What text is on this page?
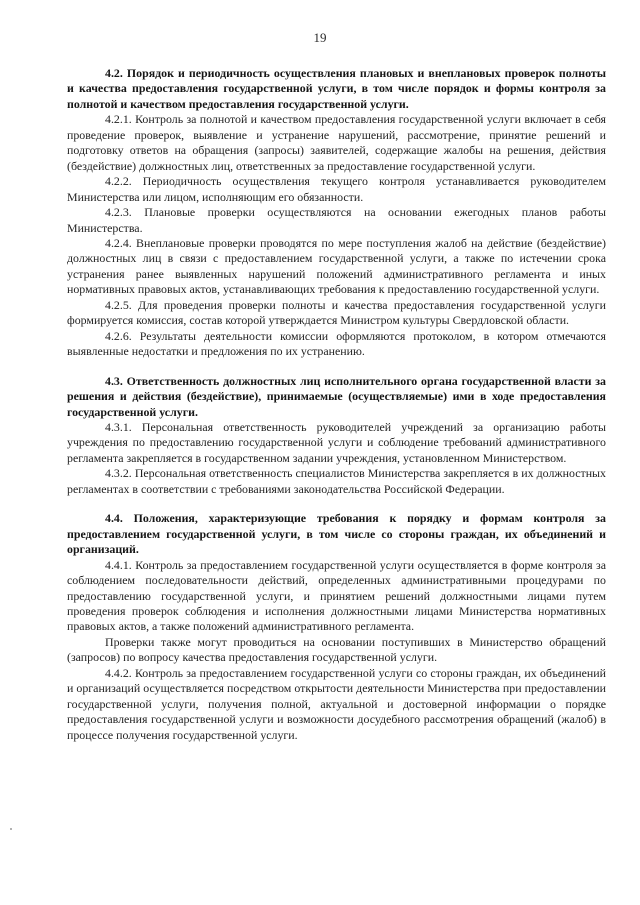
19
4.2. Порядок и периодичность осуществления плановых и внеплановых проверок полноты и качества предоставления государственной услуги, в том числе порядок и формы контроля за полнотой и качеством предоставления государственной услуги.

4.2.1. Контроль за полнотой и качеством предоставления государственной услуги включает в себя проведение проверок, выявление и устранение нарушений, рассмотрение, принятие решений и подготовку ответов на обращения (запросы) заявителей, содержащие жалобы на решения, действия (бездействие) должностных лиц, ответственных за предоставление государственной услуги.

4.2.2. Периодичность осуществления текущего контроля устанавливается руководителем Министерства или лицом, исполняющим его обязанности.

4.2.3. Плановые проверки осуществляются на основании ежегодных планов работы Министерства.

4.2.4. Внеплановые проверки проводятся по мере поступления жалоб на действие (бездействие) должностных лиц в связи с предоставлением государственной услуги, а также по истечении срока устранения ранее выявленных нарушений положений административного регламента и иных нормативных правовых актов, устанавливающих требования к предоставлению государственной услуги.

4.2.5. Для проведения проверки полноты и качества предоставления государственной услуги формируется комиссия, состав которой утверждается Министром культуры Свердловской области.

4.2.6. Результаты деятельности комиссии оформляются протоколом, в котором отмечаются выявленные недостатки и предложения по их устранению.

4.3. Ответственность должностных лиц исполнительного органа государственной власти за решения и действия (бездействие), принимаемые (осуществляемые) ими в ходе предоставления государственной услуги.

4.3.1. Персональная ответственность руководителей учреждений за организацию работы учреждения по предоставлению государственной услуги и соблюдение требований административного регламента закрепляется в государственном задании учреждения, установленном Министерством.

4.3.2. Персональная ответственность специалистов Министерства закрепляется в их должностных регламентах в соответствии с требованиями законодательства Российской Федерации.

4.4. Положения, характеризующие требования к порядку и формам контроля за предоставлением государственной услуги, в том числе со стороны граждан, их объединений и организаций.

4.4.1. Контроль за предоставлением государственной услуги осуществляется в форме контроля за соблюдением последовательности действий, определенных административными процедурами по предоставлению государственной услуги, и принятием решений должностными лицами путем проведения проверок соблюдения и исполнения должностными лицами Министерства нормативных правовых актов, а также положений административного регламента.

Проверки также могут проводиться на основании поступивших в Министерство обращений (запросов) по вопросу качества предоставления государственной услуги.

4.4.2. Контроль за предоставлением государственной услуги со стороны граждан, их объединений и организаций осуществляется посредством открытости деятельности Министерства при предоставлении государственной услуги, получения полной, актуальной и достоверной информации о порядке предоставления государственной услуги и возможности досудебного рассмотрения обращений (жалоб) в процессе получения государственной услуги.
